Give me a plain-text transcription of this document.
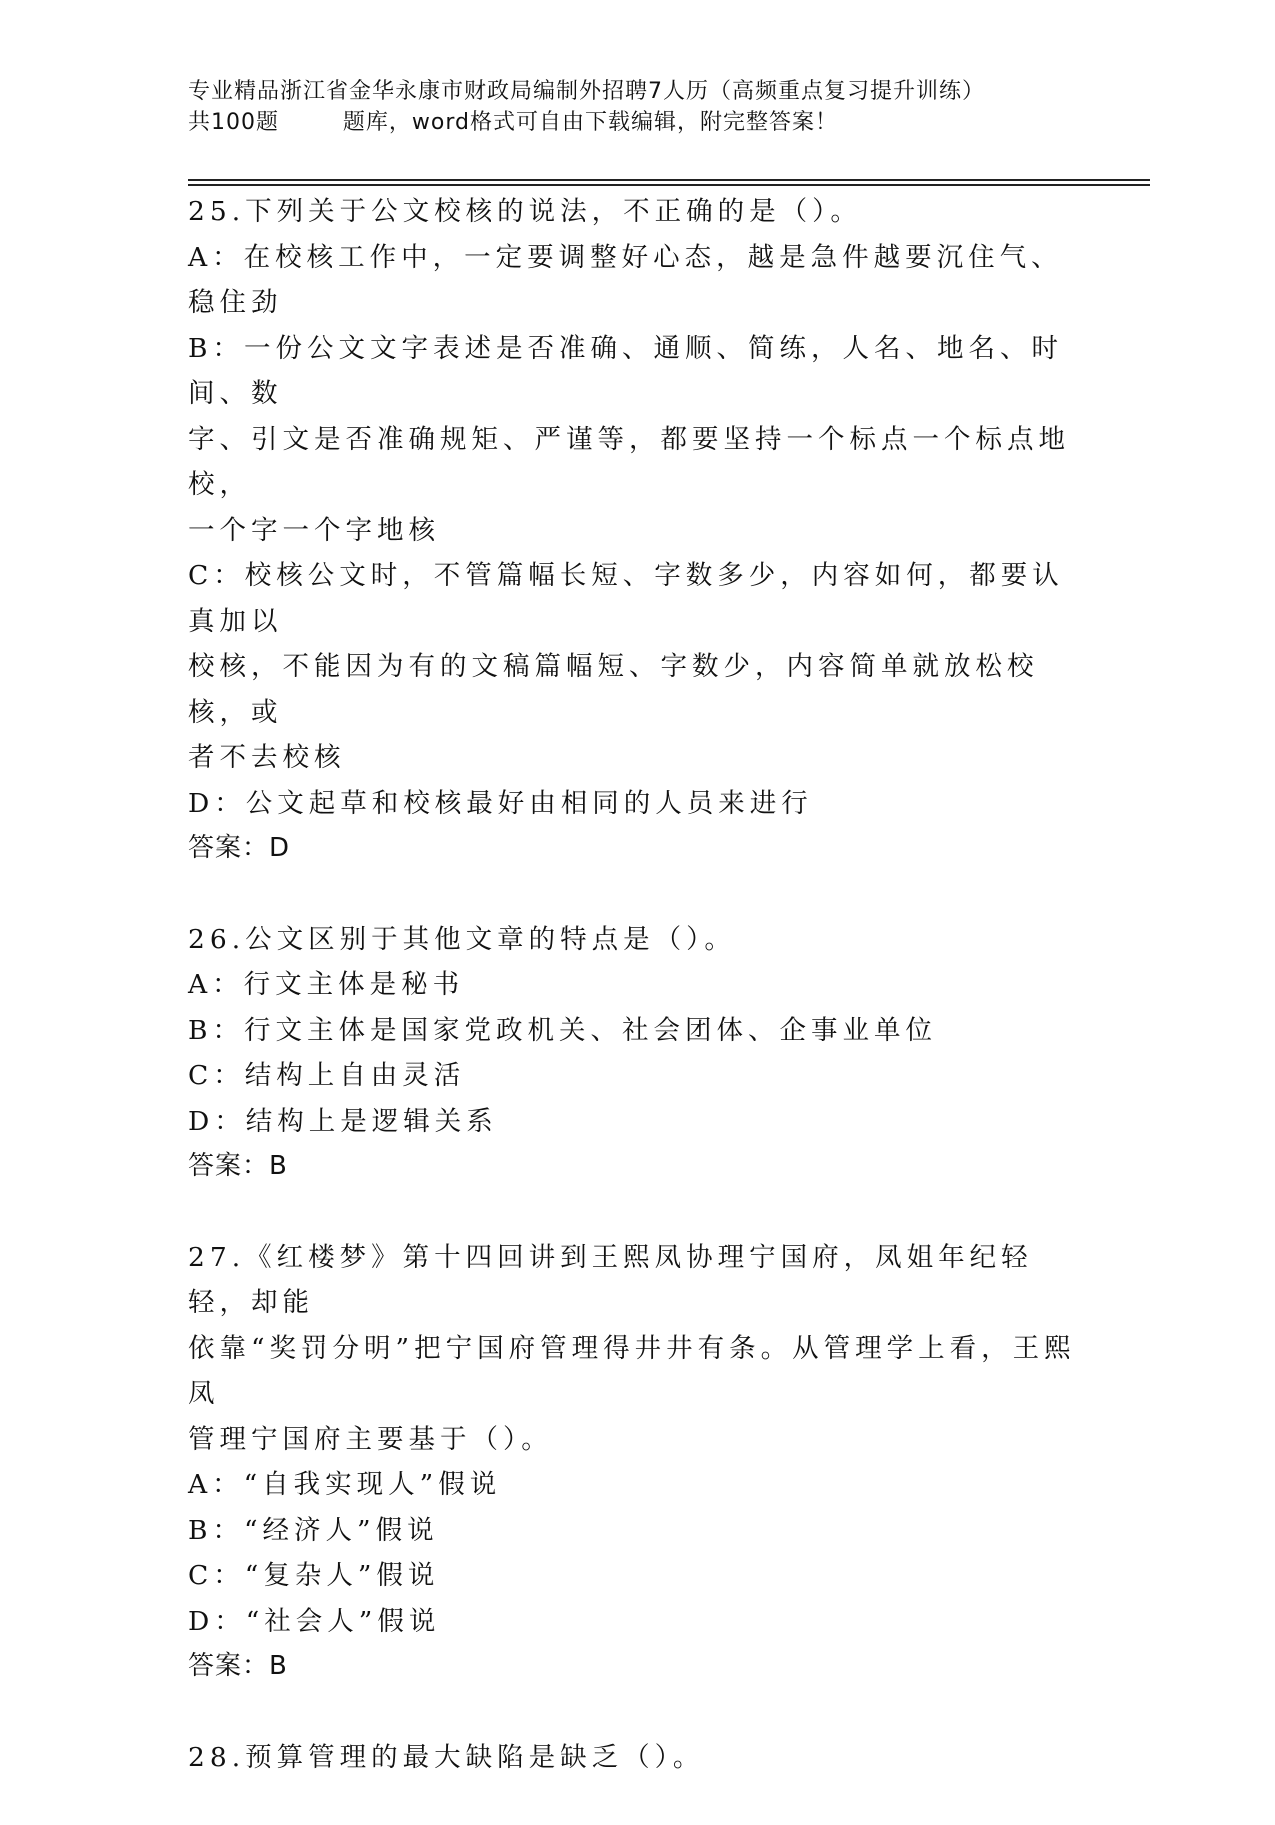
专业精品浙江省金华永康市财政局编制外招聘7人历（高频重点复习提升训练）
共100题        题库，word格式可自由下载编辑，附完整答案！
25.下列关于公文校核的说法，不正确的是（）。
A：在校核工作中，一定要调整好心态，越是急件越要沉住气、稳住劲
B：一份公文文字表述是否准确、通顺、简练，人名、地名、时间、数
字、引文是否准确规矩、严谨等，都要坚持一个标点一个标点地校，
一个字一个字地核
C：校核公文时，不管篇幅长短、字数多少，内容如何，都要认真加以
校核，不能因为有的文稿篇幅短、字数少，内容简单就放松校核，或
者不去校核
D：公文起草和校核最好由相同的人员来进行
答案：D
26.公文区别于其他文章的特点是（）。
A：行文主体是秘书
B：行文主体是国家党政机关、社会团体、企事业单位
C：结构上自由灵活
D：结构上是逻辑关系
答案：B
27.《红楼梦》第十四回讲到王熙凤协理宁国府，凤姐年纪轻轻，却能
依靠“奖罚分明”把宁国府管理得井井有条。从管理学上看，王熙凤
管理宁国府主要基于（）。
A：“自我实现人”假说
B：“经济人”假说
C：“复杂人”假说
D：“社会人”假说
答案：B
28.预算管理的最大缺陷是缺乏（）。
